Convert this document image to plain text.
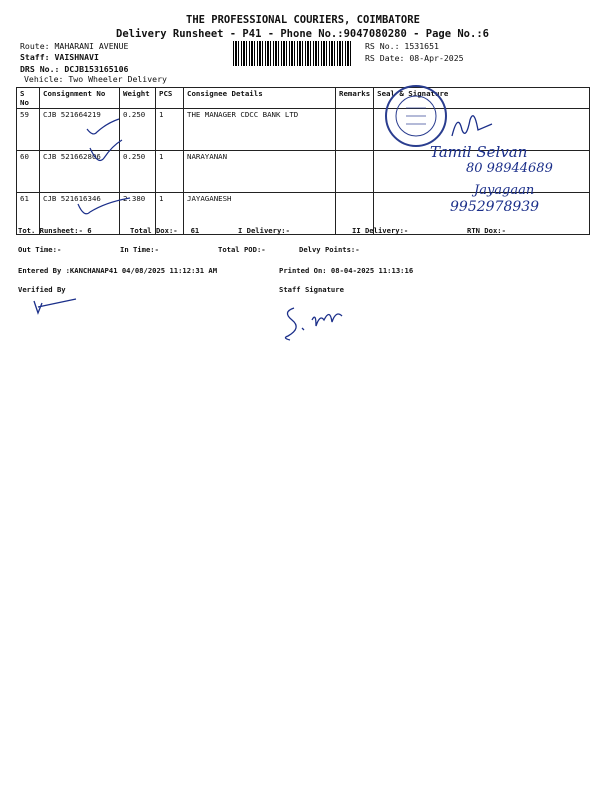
THE PROFESSIONAL COURIERS, COIMBATORE
Delivery Runsheet - P41 - Phone No.:9047080280 - Page No.:6
Route: MAHARANI AVENUE
Staff: VAISHNAVI
DRS No.: DCJB153165106
Vehicle: Two Wheeler Delivery
RS No.: 1531651
RS Date: 08-Apr-2025
S No	Consignment No	Weight	PCS	Consignee Details	Remarks	Seal & Signature
59	CJB 521664219	0.250	1	THE MANAGER CDCC BANK LTD		
60	CJB 521662806	0.250	1	NARAYANAN		
61	CJB 521616346	2.380	1	JAYAGANESH		
Tamil Selvan
80 98944689
Jayagaan
9952978939
Tot. Runsheet:- 6	Total Dox:-   61	I Delivery:-	II Delivery:-	RTN Dox:-
Out Time:-	In Time:-	Total POD:-	Delvy Points:-
Entered By :KANCHANAP41 04/08/2025 11:12:31 AM	Printed On: 08-04-2025 11:13:16
Verified By	Staff Signature
